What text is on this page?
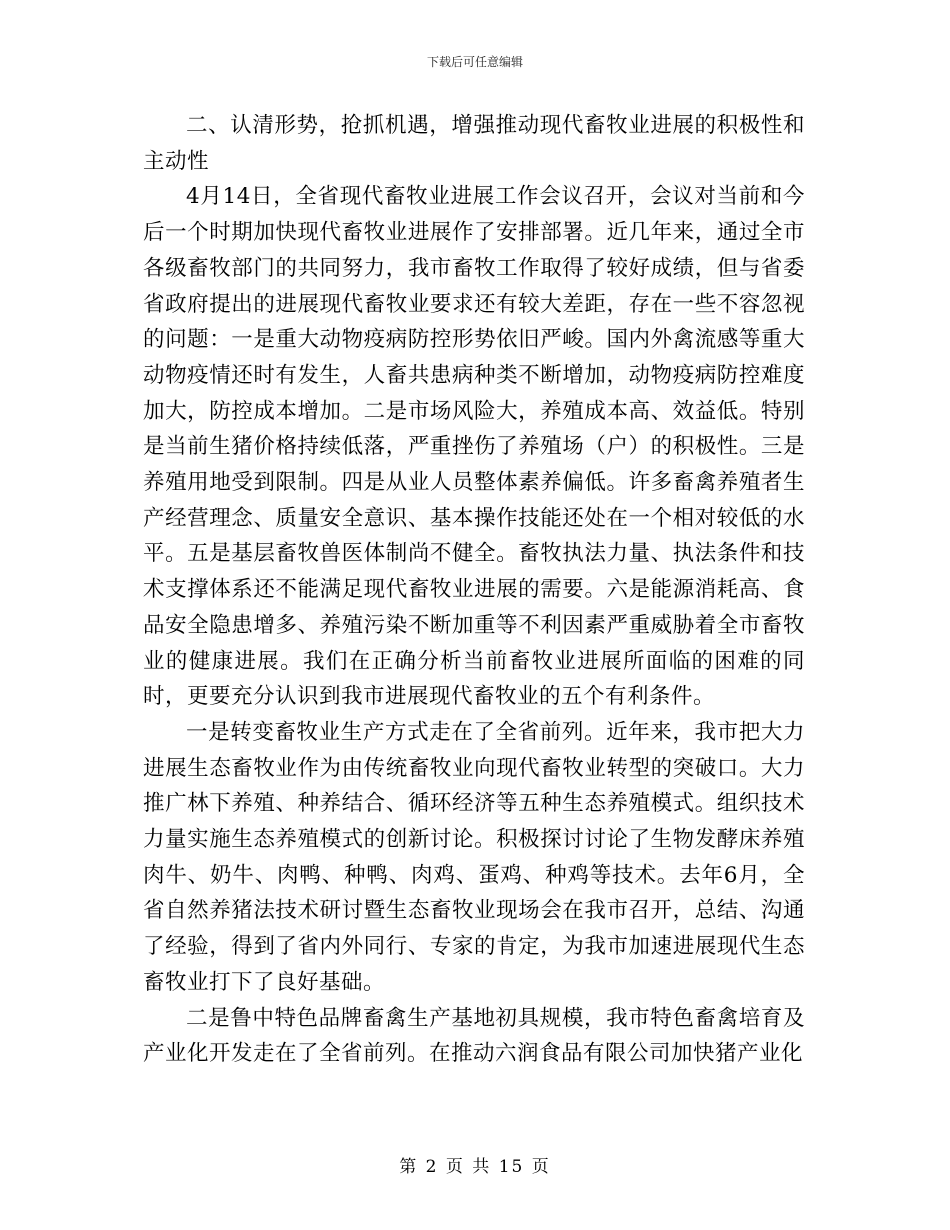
下载后可任意编辑

二、认清形势，抢抓机遇，增强推动现代畜牧业进展的积极性和主动性

4月14日，全省现代畜牧业进展工作会议召开，会议对当前和今后一个时期加快现代畜牧业进展作了安排部署。近几年来，通过全市各级畜牧部门的共同努力，我市畜牧工作取得了较好成绩，但与省委省政府提出的进展现代畜牧业要求还有较大差距，存在一些不容忽视的问题：一是重大动物疫病防控形势依旧严峻。国内外禽流感等重大动物疫情还时有发生，人畜共患病种类不断增加，动物疫病防控难度加大，防控成本增加。二是市场风险大，养殖成本高、效益低。特别是当前生猪价格持续低落，严重挫伤了养殖场（户）的积极性。三是养殖用地受到限制。四是从业人员整体素养偏低。许多畜禽养殖者生产经营理念、质量安全意识、基本操作技能还处在一个相对较低的水平。五是基层畜牧兽医体制尚不健全。畜牧执法力量、执法条件和技术支撑体系还不能满足现代畜牧业进展的需要。六是能源消耗高、食品安全隐患增多、养殖污染不断加重等不利因素严重威胁着全市畜牧业的健康进展。我们在正确分析当前畜牧业进展所面临的困难的同时，更要充分认识到我市进展现代畜牧业的五个有利条件。

一是转变畜牧业生产方式走在了全省前列。近年来，我市把大力进展生态畜牧业作为由传统畜牧业向现代畜牧业转型的突破口。大力推广林下养殖、种养结合、循环经济等五种生态养殖模式。组织技术力量实施生态养殖模式的创新讨论。积极探讨讨论了生物发酵床养殖肉牛、奶牛、肉鸭、种鸭、肉鸡、蛋鸡、种鸡等技术。去年6月，全省自然养猪法技术研讨暨生态畜牧业现场会在我市召开，总结、沟通了经验，得到了省内外同行、专家的肯定，为我市加速进展现代生态畜牧业打下了良好基础。

二是鲁中特色品牌畜禽生产基地初具规模，我市特色畜禽培育及产业化开发走在了全省前列。在推动六润食品有限公司加快猪产业化

第 2 页 共 15 页
